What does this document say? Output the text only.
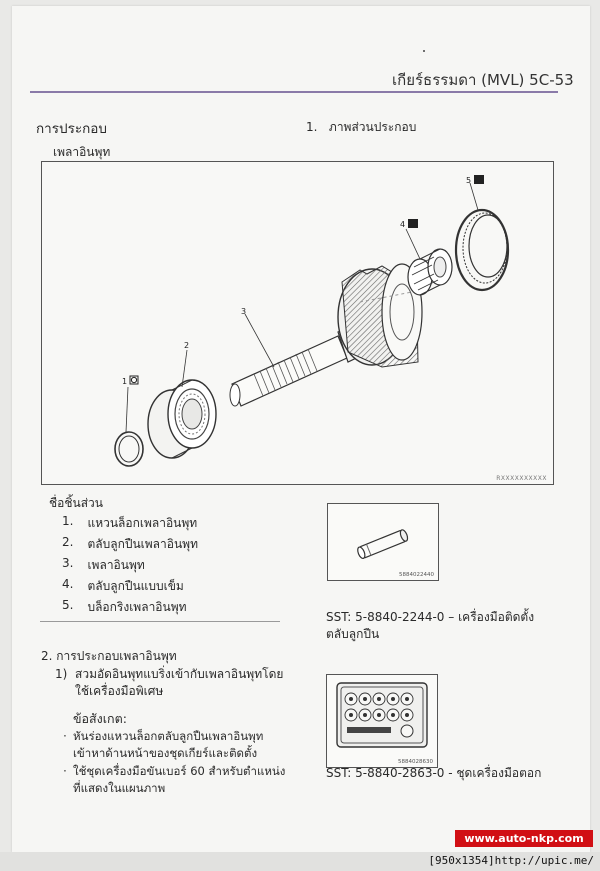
เกียร์ธรรมดา (MVL) 5C-53
การประกอบ	1. ภาพส่วนประกอบ
เพลาอินพุท
1
2
3
4
5
RXXXXXXXXXX
ชื่อชิ้นส่วน
1. แหวนล็อกเพลาอินพุท
2. ตลับลูกปืนเพลาอินพุท
3. เพลาอินพุท
4. ตลับลูกปืนแบบเข็ม
5. บล็อกริงเพลาอินพุท
5884022440
SST: 5-8840-2244-0 – เครื่องมือติดตั้งตลับลูกปืน
5884028630
SST: 5-8840-2863-0 - ชุดเครื่องมือตอก
2. การประกอบเพลาอินพุท
1) สวมอัดอินพุทแบริ่งเข้ากับเพลาอินพุทโดย
ใช้เครื่องมือพิเศษ
ข้อสังเกต:
· หันร่องแหวนล็อกตลับลูกปืนเพลาอินพุท
เข้าหาด้านหน้าของชุดเกียร์และติดตั้ง
· ใช้ชุดเครื่องมือขันเบอร์ 60 สำหรับตำแหน่ง
ที่แสดงในแผนภาพ
www.auto-nkp.com
[950x1354]http://upic.me/
